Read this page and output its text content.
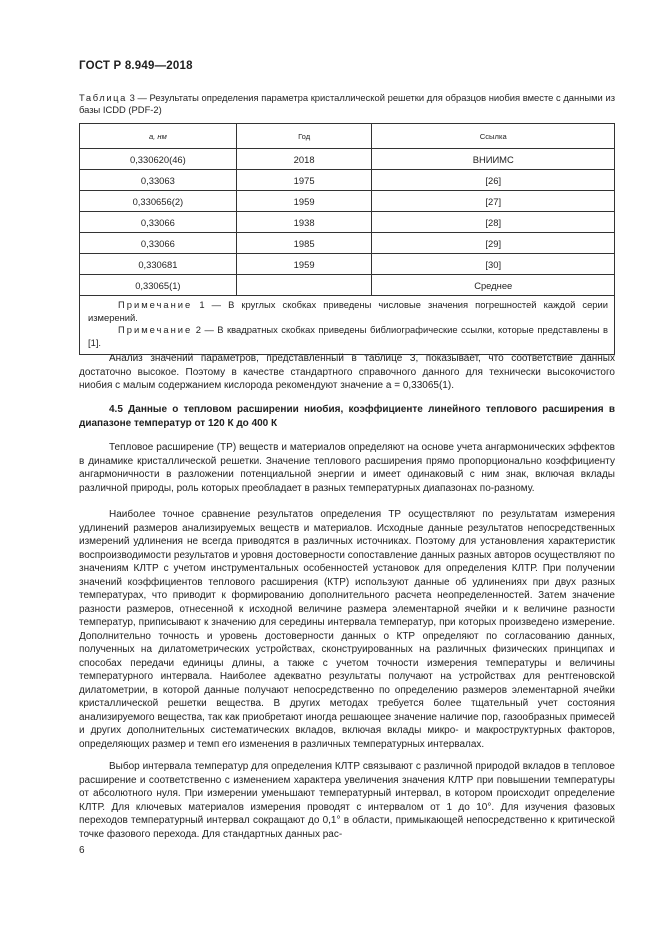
ГОСТ Р 8.949—2018
Таблица 3 — Результаты определения параметра кристаллической решетки для образцов ниобия вместе с данными из базы ICDD (PDF-2)
a, нм	Год	Ссылка
0,330620(46)	2018	ВНИИМС
0,33063	1975	[26]
0,330656(2)	1959	[27]
0,33066	1938	[28]
0,33066	1985	[29]
0,330681	1959	[30]
0,33065(1)		Среднее

Примечание 1 — В круглых скобках приведены числовые значения погрешностей каждой серии измерений.
Примечание 2 — В квадратных скобках приведены библиографические ссылки, которые представлены в [1].		
Анализ значений параметров, представленный в таблице 3, показывает, что соответствие данных достаточно высокое. Поэтому в качестве стандартного справочного данного для технически высокочистого ниобия с малым содержанием кислорода рекомендуют значение а = 0,33065(1).
4.5 Данные о тепловом расширении ниобия, коэффициенте линейного теплового расширения в диапазоне температур от 120 К до 400 К
Тепловое расширение (ТР) веществ и материалов определяют на основе учета ангармонических эффектов в динамике кристаллической решетки. Значение теплового расширения прямо пропорционально коэффициенту ангармоничности в разложении потенциальной энергии и имеет одинаковый с ним знак, включая вклады различной природы, роль которых преобладает в разных температурных диапазонах по-разному.
Наиболее точное сравнение результатов определения ТР осуществляют по результатам измерения удлинений размеров анализируемых веществ и материалов. Исходные данные результатов непосредственных измерений удлинения не всегда приводятся в различных источниках. Поэтому для установления характеристик воспроизводимости результатов и уровня достоверности сопоставление данных разных авторов осуществляют по значениям КЛТР с учетом инструментальных особенностей установок для определения КЛТР. При получении значений коэффициентов теплового расширения (КТР) используют данные об удлинениях при двух разных температурах, что приводит к формированию дополнительного расчета неопределенностей. Затем значение разности размеров, отнесенной к исходной величине размера элементарной ячейки и к величине разности температур, приписывают к значению для середины интервала температур, при которых произведено измерение. Дополнительно точность и уровень достоверности данных о КТР определяют по согласованию данных, полученных на дилатометрических устройствах, сконструированных на различных физических принципах и способах передачи единицы длины, а также с учетом точности измерения температуры и величины температурного интервала. Наиболее адекватно результаты получают на устройствах для рентгеновской дилатометрии, в которой данные получают непосредственно по определению размеров элементарной ячейки кристаллической решетки вещества. В других методах требуется более тщательный учет состояния анализируемого вещества, так как приобретают иногда решающее значение наличие пор, газообразных примесей и других дополнительных систематических вкладов, включая вклады микро- и макроструктурных факторов, определяющих размер и темп его изменения в различных температурных интервалах.
Выбор интервала температур для определения КЛТР связывают с различной природой вкладов в тепловое расширение и соответственно с изменением характера увеличения значения КЛТР при повышении температуры от абсолютного нуля. При измерении уменьшают температурный интервал, в котором происходит определение КЛТР. Для ключевых материалов измерения проводят с интервалом от 1 до 10°. Для изучения фазовых переходов температурный интервал сокращают до 0,1° в области, примыкающей непосредственно к критической точке фазового перехода. Для стандартных данных рас-
6
